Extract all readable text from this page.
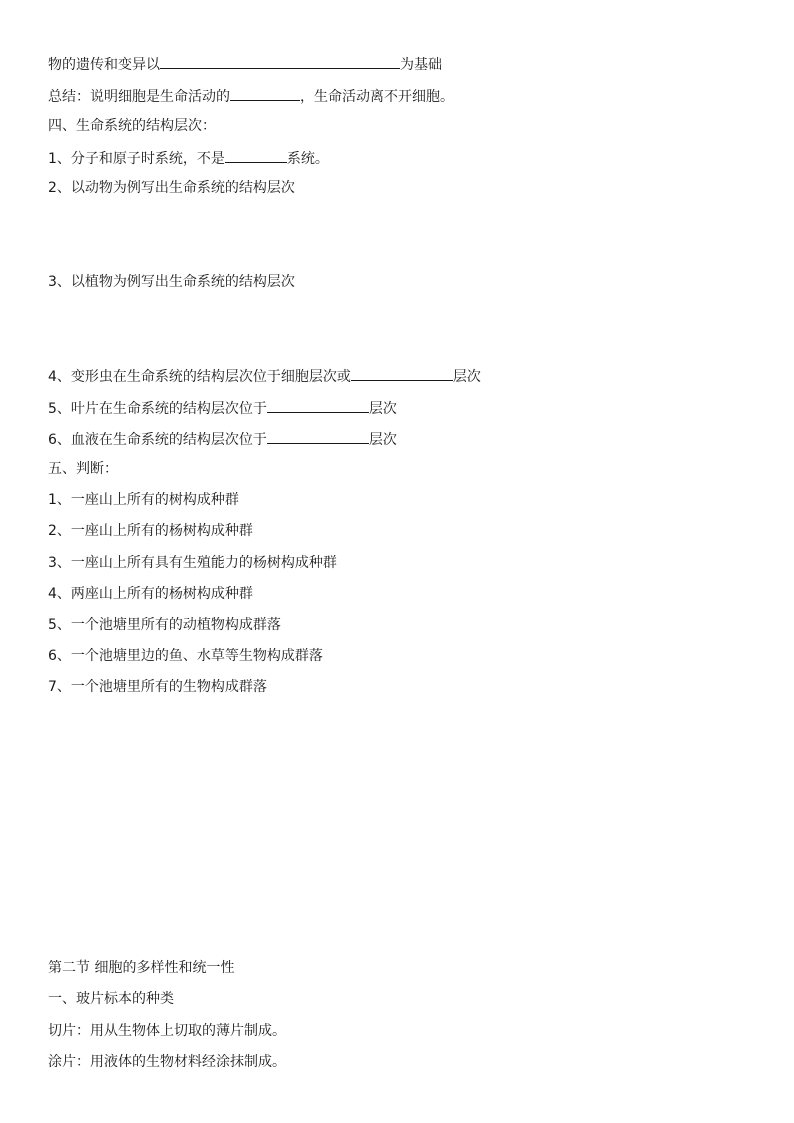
物的遗传和变异以	为基础
总结：说明细胞是生命活动的	，生命活动离不开细胞。
四、生命系统的结构层次：
1、分子和原子时系统，不是	系统。
2、以动物为例写出生命系统的结构层次
3、以植物为例写出生命系统的结构层次
4、变形虫在生命系统的结构层次位于细胞层次或	层次
5、叶片在生命系统的结构层次位于	层次
6、血液在生命系统的结构层次位于	层次
五、判断：
1、一座山上所有的树构成种群
2、一座山上所有的杨树构成种群
3、一座山上所有具有生殖能力的杨树构成种群
4、两座山上所有的杨树构成种群
5、一个池塘里所有的动植物构成群落
6、一个池塘里边的鱼、水草等生物构成群落
7、一个池塘里所有的生物构成群落
第二节 细胞的多样性和统一性
一、玻片标本的种类
切片：用从生物体上切取的薄片制成。
涂片：用液体的生物材料经涂抹制成。
